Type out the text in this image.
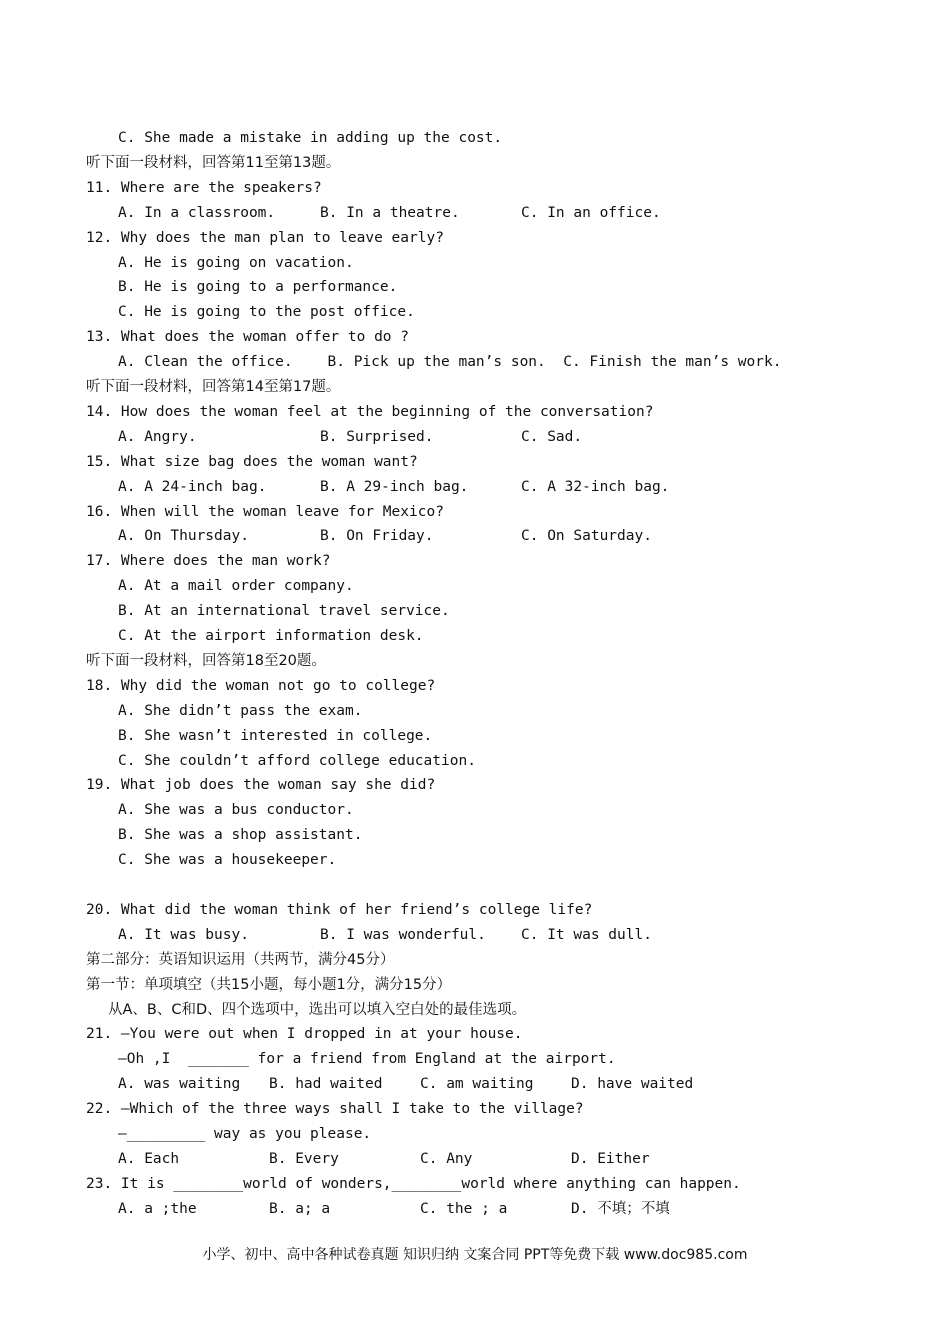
C. She made a mistake in adding up the cost.
听下面一段材料，回答第11至第13题。
11. Where are the speakers?
A. In a classroom.	B. In a theatre.	C. In an office.
12. Why does the man plan to leave early?
A. He is going on vacation.
B. He is going to a performance.
C. He is going to the post office.
13. What does the woman offer to do ?
A. Clean the office.    B. Pick up the man’s son.  C. Finish the man’s work.
听下面一段材料，回答第14至第17题。
14. How does the woman feel at the beginning of the conversation?
A. Angry.	B. Surprised.	C. Sad.
15. What size bag does the woman want?
A. A 24-inch bag.	B. A 29-inch bag.	C. A 32-inch bag.
16. When will the woman leave for Mexico?
A. On Thursday.	B. On Friday.	C. On Saturday.
17. Where does the man work?
A. At a mail order company.
B. At an international travel service.
C. At the airport information desk.
听下面一段材料，回答第18至20题。
18. Why did the woman not go to college?
A. She didn’t pass the exam.
B. She wasn’t interested in college.
C. She couldn’t afford college education.
19. What job does the woman say she did?
A. She was a bus conductor.
B. She was a shop assistant.
C. She was a housekeeper.
20. What did the woman think of her friend’s college life?
A. It was busy.	B. I was wonderful. C. It was dull.
第二部分：英语知识运用（共两节，满分45分）
第一节：单项填空（共15小题，每小题1分，满分15分）
从A、B、C和D、四个选项中，选出可以填入空白处的最佳选项。
21. —You were out when I dropped in at your house.
—Oh ,I  _______ for a friend from England at the airport.
A. was waiting B. had waited	C. am waiting	D. have waited
22. —Which of the three ways shall I take to the village?
—_________ way as you please.
A. Each	B. Every	C. Any	D. Either
23. It is ________world of wonders,________world where anything can happen.
A. a ;the	B. a; a	C. the ; a	D. 不填；不填
小学、初中、高中各种试卷真题 知识归纳 文案合同 PPT等免费下载 www.doc985.com
